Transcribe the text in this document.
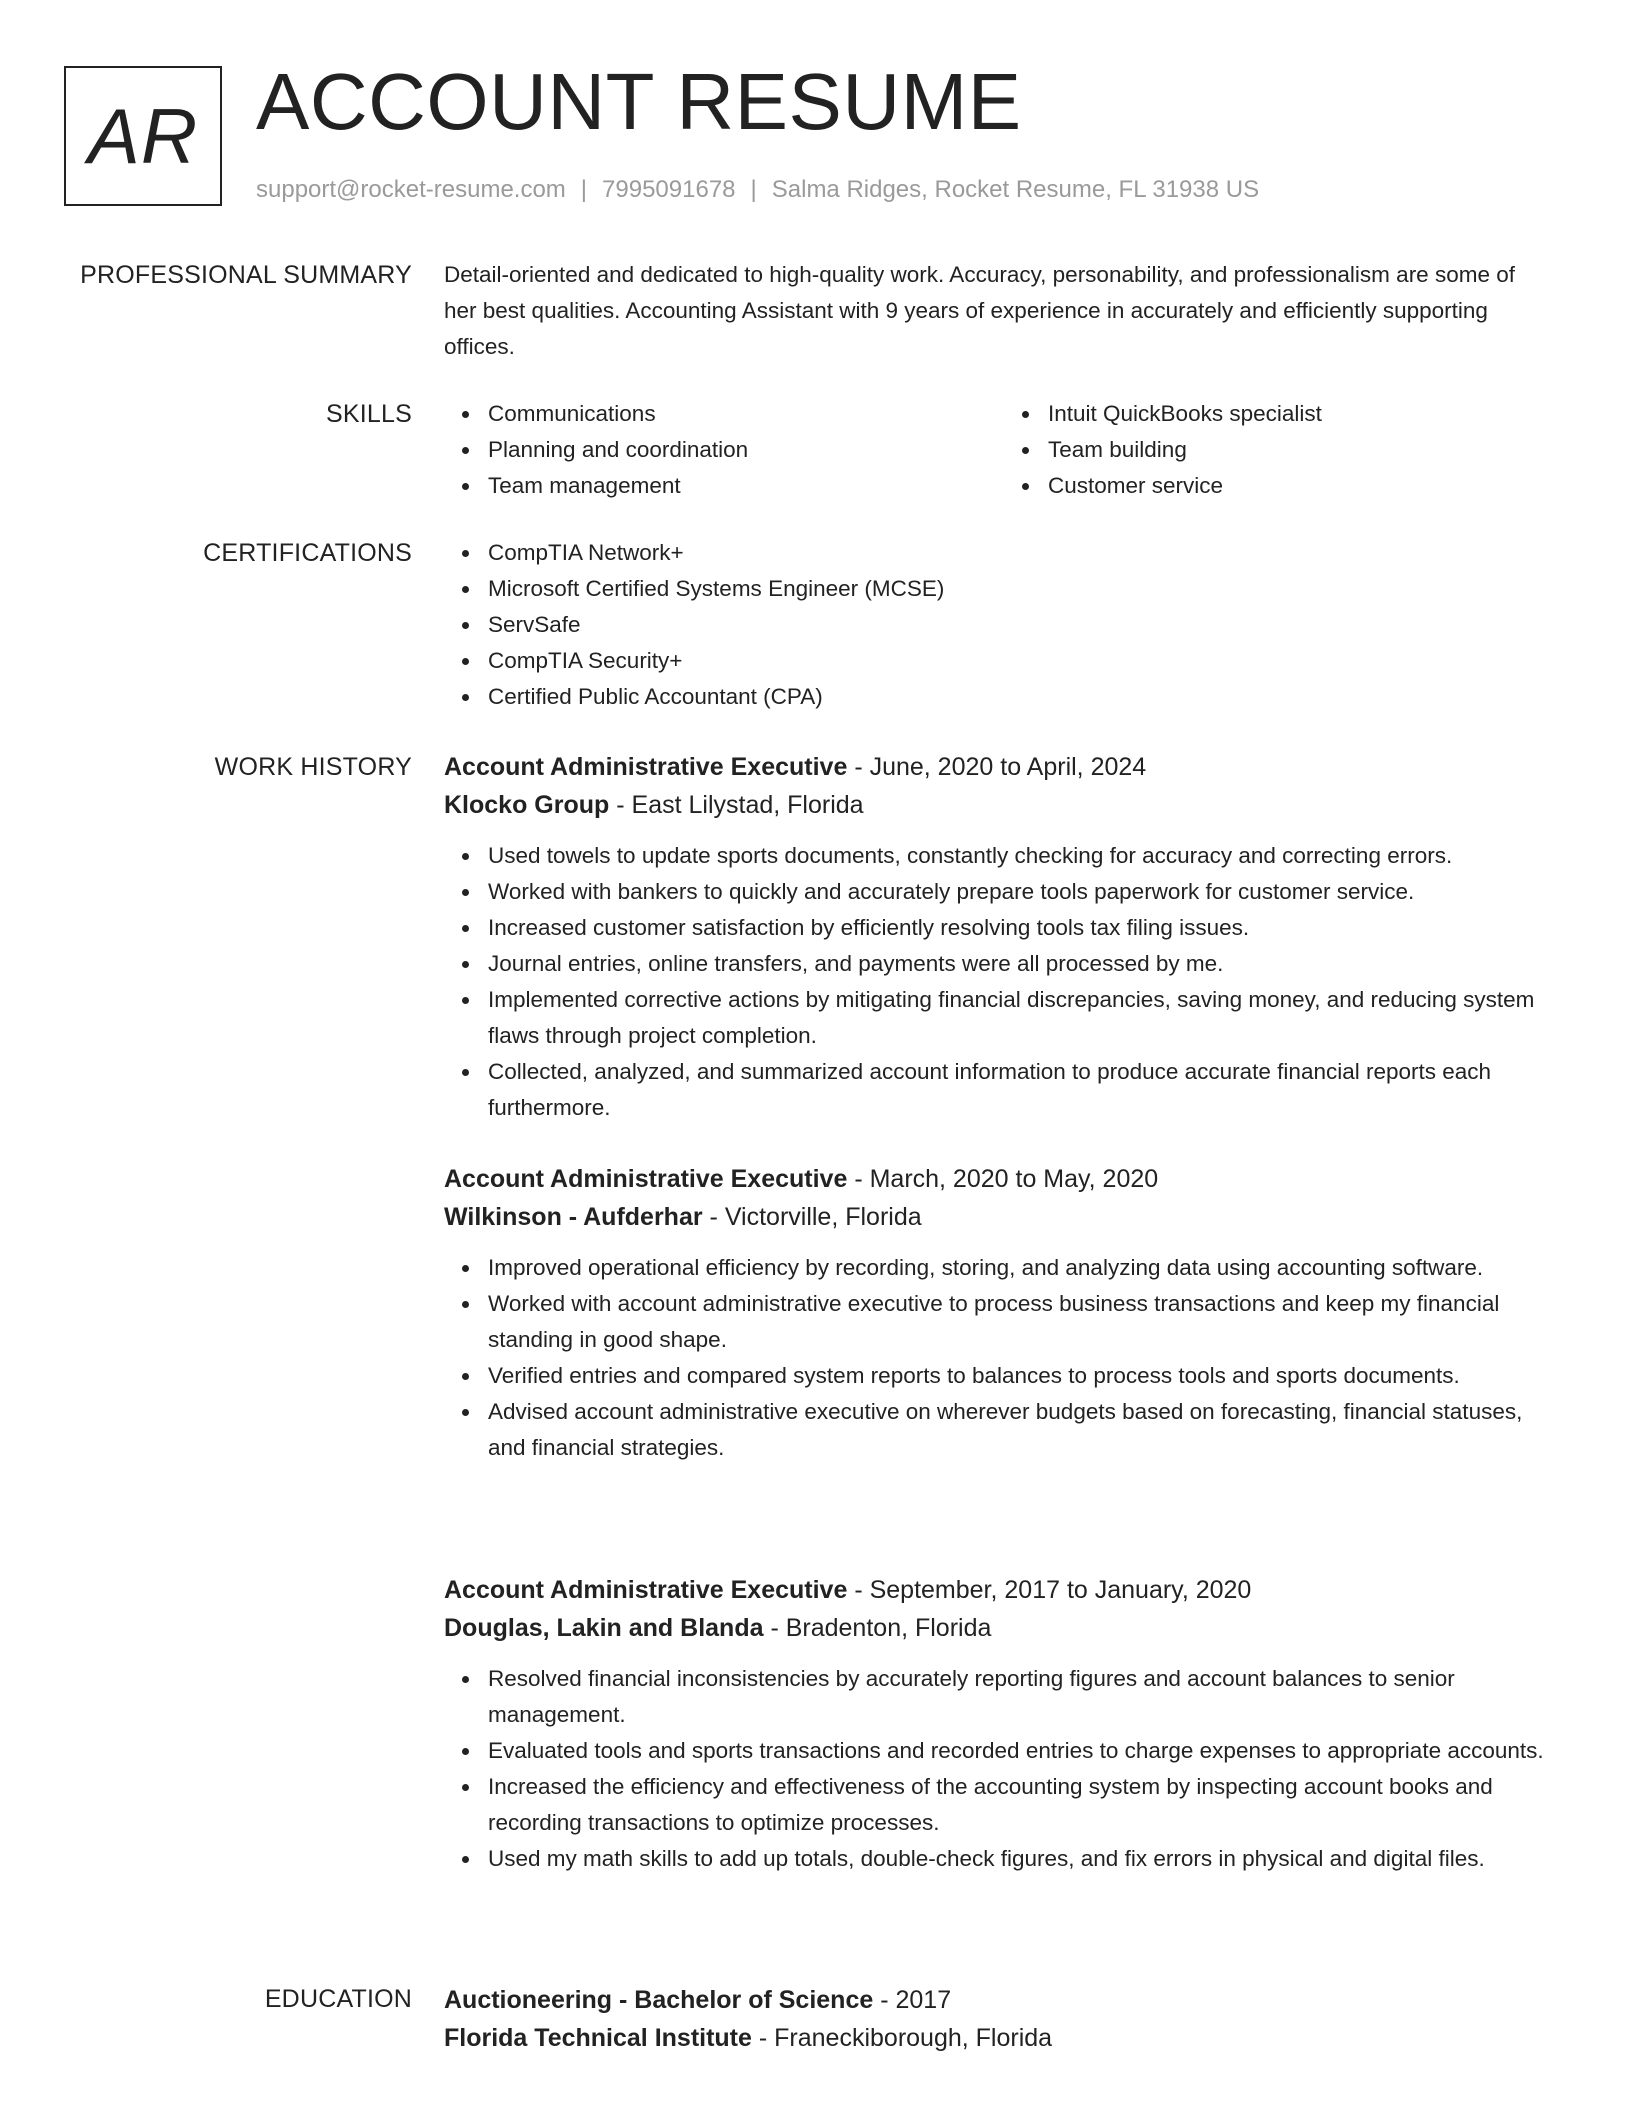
AR ACCOUNT RESUME
support@rocket-resume.com | 7995091678 | Salma Ridges, Rocket Resume, FL 31938 US
PROFESSIONAL SUMMARY Detail-oriented and dedicated to high-quality work. Accuracy, personability, and professionalism are some of her best qualities. Accounting Assistant with 9 years of experience in accurately and efficiently supporting offices.

SKILLS	Communications
Planning and coordination
Team management
Intuit QuickBooks specialist
Team building
Customer service
CERTIFICATIONS	CompTIA Network+
Microsoft Certified Systems Engineer (MCSE)
ServSafe
CompTIA Security+
Certified Public Accountant (CPA)
WORK HISTORY Account Administrative Executive - June, 2020 to April, 2024
Klocko Group - East Lilystad, Florida
Used towels to update sports documents, constantly checking for accuracy and correcting errors.
Worked with bankers to quickly and accurately prepare tools paperwork for customer service.
Increased customer satisfaction by efficiently resolving tools tax filing issues.
Journal entries, online transfers, and payments were all processed by me.
Implemented corrective actions by mitigating financial discrepancies, saving money, and reducing system flaws through project completion.
Collected, analyzed, and summarized account information to produce accurate financial reports each furthermore.
Account Administrative Executive - March, 2020 to May, 2020
Wilkinson - Aufderhar - Victorville, Florida
Improved operational efficiency by recording, storing, and analyzing data using accounting software.
Worked with account administrative executive to process business transactions and keep my financial standing in good shape.
Verified entries and compared system reports to balances to process tools and sports documents.
Advised account administrative executive on wherever budgets based on forecasting, financial statuses, and financial strategies.
Account Administrative Executive - September, 2017 to January, 2020
Douglas, Lakin and Blanda - Bradenton, Florida
Resolved financial inconsistencies by accurately reporting figures and account balances to senior management.
Evaluated tools and sports transactions and recorded entries to charge expenses to appropriate accounts.
Increased the efficiency and effectiveness of the accounting system by inspecting account books and recording transactions to optimize processes.
Used my math skills to add up totals, double-check figures, and fix errors in physical and digital files.
EDUCATION Auctioneering - Bachelor of Science - 2017
Florida Technical Institute - Franeckiborough, Florida
